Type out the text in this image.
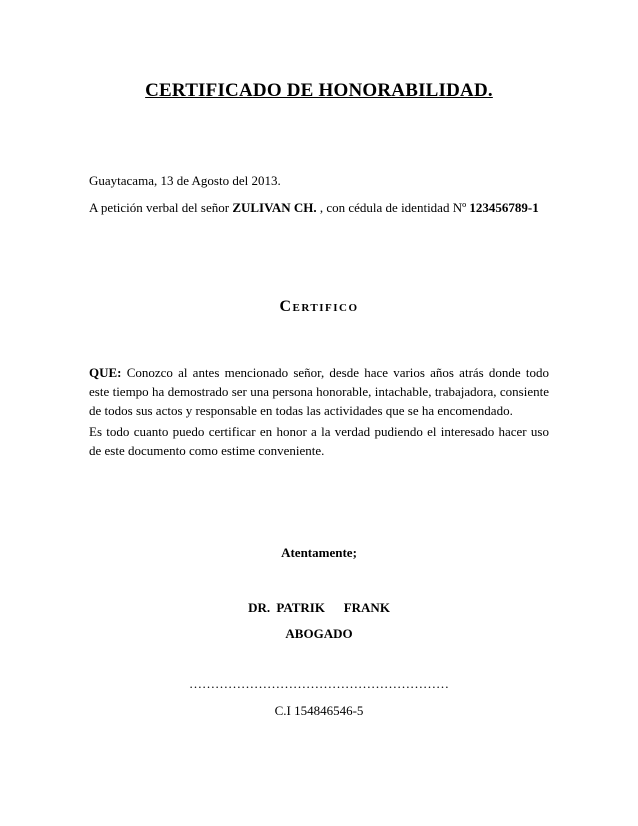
CERTIFICADO DE HONORABILIDAD.
Guaytacama, 13 de Agosto del 2013.
A petición verbal del señor ZULIVAN CH. , con cédula de identidad Nº 123456789-1
Certifico
QUE: Conozco al antes mencionado señor, desde hace varios años atrás donde todo este tiempo ha demostrado ser una persona honorable, intachable, trabajadora, consiente de todos sus actos y responsable en todas las actividades que se ha encomendado.
Es todo cuanto puedo certificar en honor a la verdad pudiendo el interesado hacer uso de este documento como estime conveniente.
Atentamente;
DR. PATRIK   FRANK
ABOGADO
……………………………………………………
C.I 154846546-5
